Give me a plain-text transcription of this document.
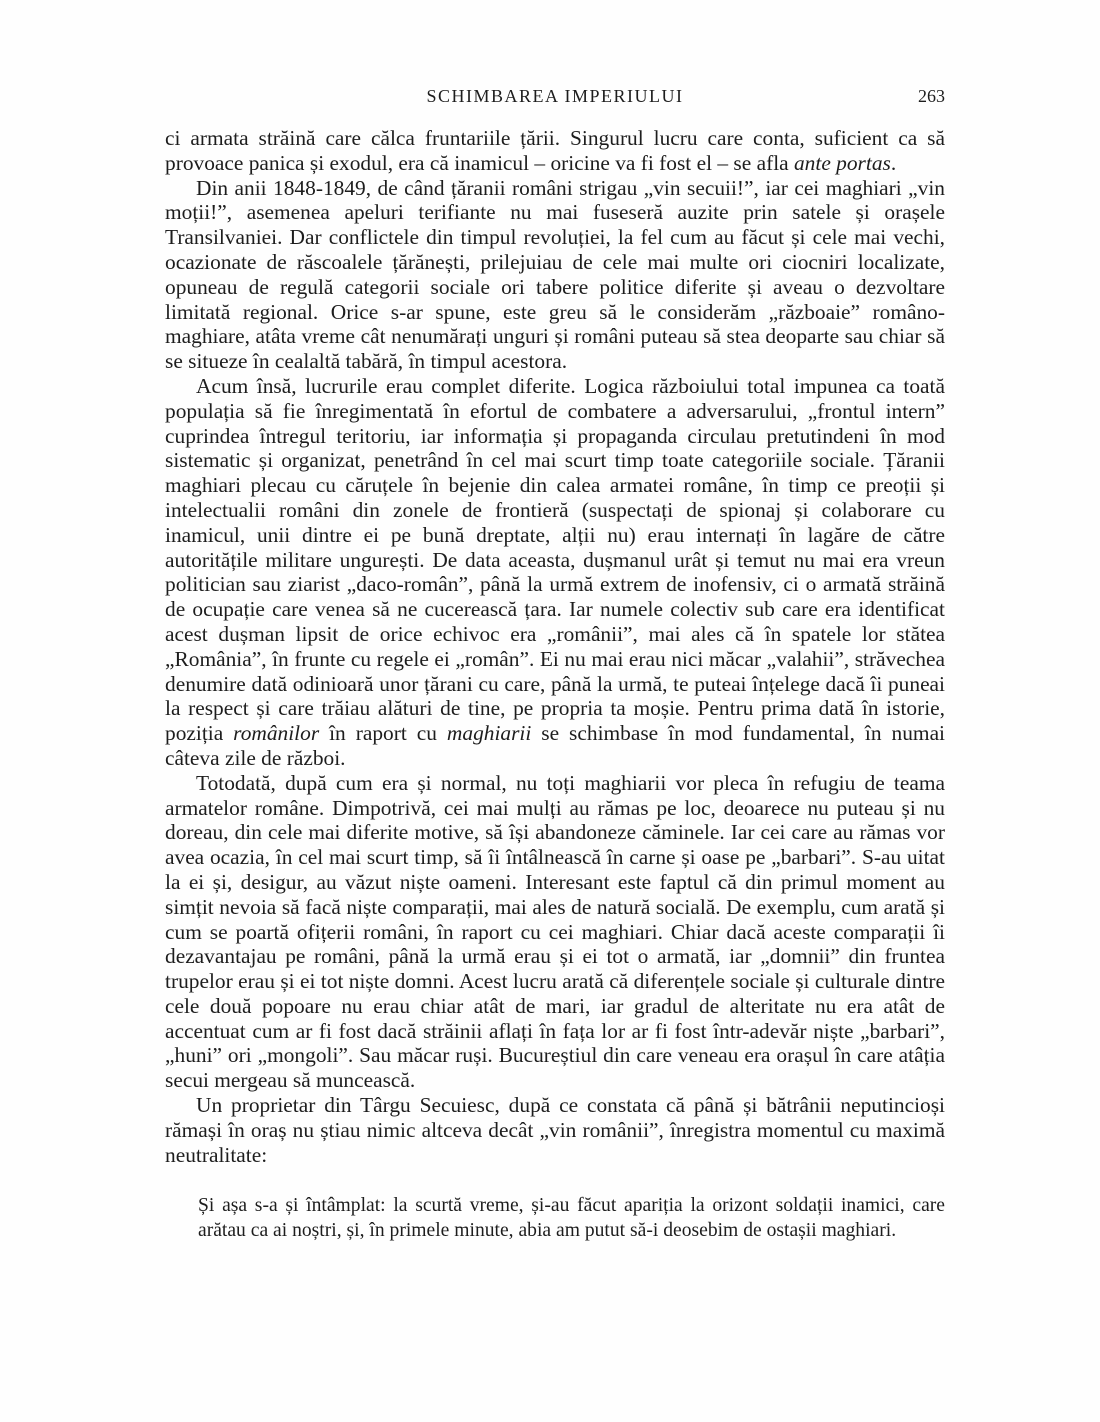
SCHIMBAREA IMPERIULUI	263

ci armata străină care călca fruntariile țării. Singurul lucru care conta, suficient ca să provoace panica și exodul, era că inamicul – oricine va fi fost el – se afla ante portas.

Din anii 1848-1849, de când țăranii români strigau „vin secuii!”, iar cei maghiari „vin moții!”, asemenea apeluri terifiante nu mai fuseseră auzite prin satele și orașele Transilvaniei. Dar conflictele din timpul revoluției, la fel cum au făcut și cele mai vechi, ocazionate de răscoalele țărănești, prilejuiau de cele mai multe ori ciocniri localizate, opuneau de regulă categorii sociale ori tabere politice diferite și aveau o dezvoltare limitată regional. Orice s-ar spune, este greu să le considerăm „războaie” româno-maghiare, atâta vreme cât nenumărați unguri și români puteau să stea deoparte sau chiar să se situeze în cealaltă tabără, în timpul acestora.

Acum însă, lucrurile erau complet diferite. Logica războiului total impunea ca toată populația să fie înregimentată în efortul de combatere a adversarului, „frontul intern” cuprindea întregul teritoriu, iar informația și propaganda circulau pretutindeni în mod sistematic și organizat, penetrând în cel mai scurt timp toate categoriile sociale. Țăranii maghiari plecau cu căruțele în bejenie din calea armatei române, în timp ce preoții și intelectualii români din zonele de frontieră (suspectați de spionaj și colaborare cu inamicul, unii dintre ei pe bună dreptate, alții nu) erau internați în lagăre de către autoritățile militare ungurești. De data aceasta, dușmanul urât și temut nu mai era vreun politician sau ziarist „daco-român”, până la urmă extrem de inofensiv, ci o armată străină de ocupație care venea să ne cucerească țara. Iar numele colectiv sub care era identificat acest dușman lipsit de orice echivoc era „românii”, mai ales că în spatele lor stătea „România”, în frunte cu regele ei „român”. Ei nu mai erau nici măcar „valahii”, străvechea denumire dată odinioară unor țărani cu care, până la urmă, te puteai înțelege dacă îi puneai la respect și care trăiau alături de tine, pe propria ta moșie. Pentru prima dată în istorie, poziția românilor în raport cu maghiarii se schimbase în mod fundamental, în numai câteva zile de război.

Totodată, după cum era și normal, nu toți maghiarii vor pleca în refugiu de teama armatelor române. Dimpotrivă, cei mai mulți au rămas pe loc, deoarece nu puteau și nu doreau, din cele mai diferite motive, să își abandoneze căminele. Iar cei care au rămas vor avea ocazia, în cel mai scurt timp, să îi întâlnească în carne și oase pe „barbari”. S-au uitat la ei și, desigur, au văzut niște oameni. Interesant este faptul că din primul moment au simțit nevoia să facă niște comparații, mai ales de natură socială. De exemplu, cum arată și cum se poartă ofițerii români, în raport cu cei maghiari. Chiar dacă aceste comparații îi dezavantajau pe români, până la urmă erau și ei tot o armată, iar „domnii” din fruntea trupelor erau și ei tot niște domni. Acest lucru arată că diferențele sociale și culturale dintre cele două popoare nu erau chiar atât de mari, iar gradul de alteritate nu era atât de accentuat cum ar fi fost dacă străinii aflați în fața lor ar fi fost într-adevăr niște „barbari”, „huni” ori „mongoli”. Sau măcar ruși. Bucureștiul din care veneau era orașul în care atâția secui mergeau să muncească.

Un proprietar din Târgu Secuiesc, după ce constata că până și bătrânii neputincioși rămași în oraș nu știau nimic altceva decât „vin românii”, înregistra momentul cu maximă neutralitate:

Și așa s-a și întâmplat: la scurtă vreme, și-au făcut apariția la orizont soldații inamici, care arătau ca ai noștri, și, în primele minute, abia am putut să-i deosebim de ostașii maghiari.
